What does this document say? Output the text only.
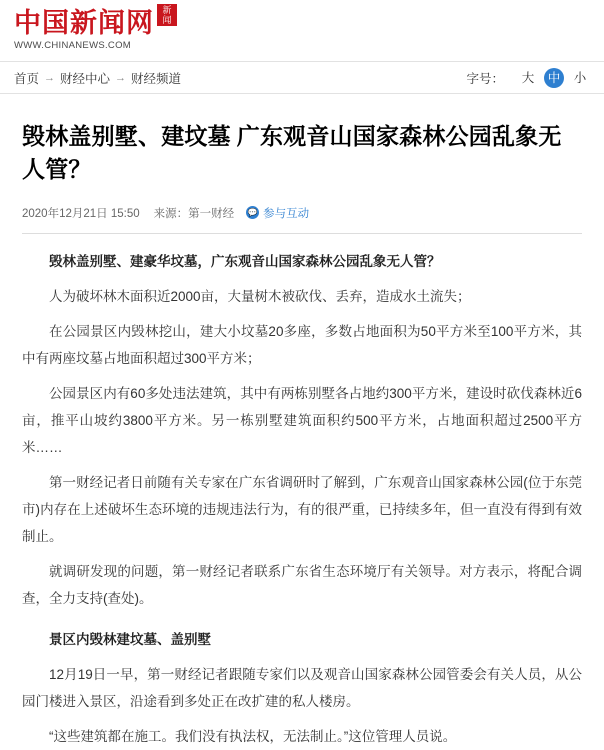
中国新闻网 新闻
WWW.CHINANEWS.COM
首页 → 财经中心 → 财经频道	字号： 大	中	小
毁林盖别墅、建坟墓 广东观音山国家森林公园乱象无人管？
2020年12月21日 15:50 来源：第一财经 💬 参与互动

毁林盖别墅、建豪华坟墓，广东观音山国家森林公园乱象无人管？

人为破坏林木面积近2000亩，大量树木被砍伐、丢弃，造成水土流失；

在公园景区内毁林挖山，建大小坟墓20多座，多数占地面积为50平方米至100平方米，其中有两座坟墓占地面积超过300平方米；

公园景区内有60多处违法建筑，其中有两栋别墅各占地约300平方米，建设时砍伐森林近6亩，推平山坡约3800平方米。另一栋别墅建筑面积约500平方米，占地面积超过2500平方米……

第一财经记者日前随有关专家在广东省调研时了解到，广东观音山国家森林公园(位于东莞市)内存在上述破坏生态环境的违规违法行为，有的很严重，已持续多年，但一直没有得到有效制止。

就调研发现的问题，第一财经记者联系广东省生态环境厅有关领导。对方表示，将配合调查，全力支持(查处)。

景区内毁林建坟墓、盖别墅

12月19日一早，第一财经记者跟随专家们以及观音山国家森林公园管委会有关人员，从公园门楼进入景区，沿途看到多处正在改扩建的私人楼房。

“这些建筑都在施工。我们没有执法权，无法制止。”这位管理人员说。
